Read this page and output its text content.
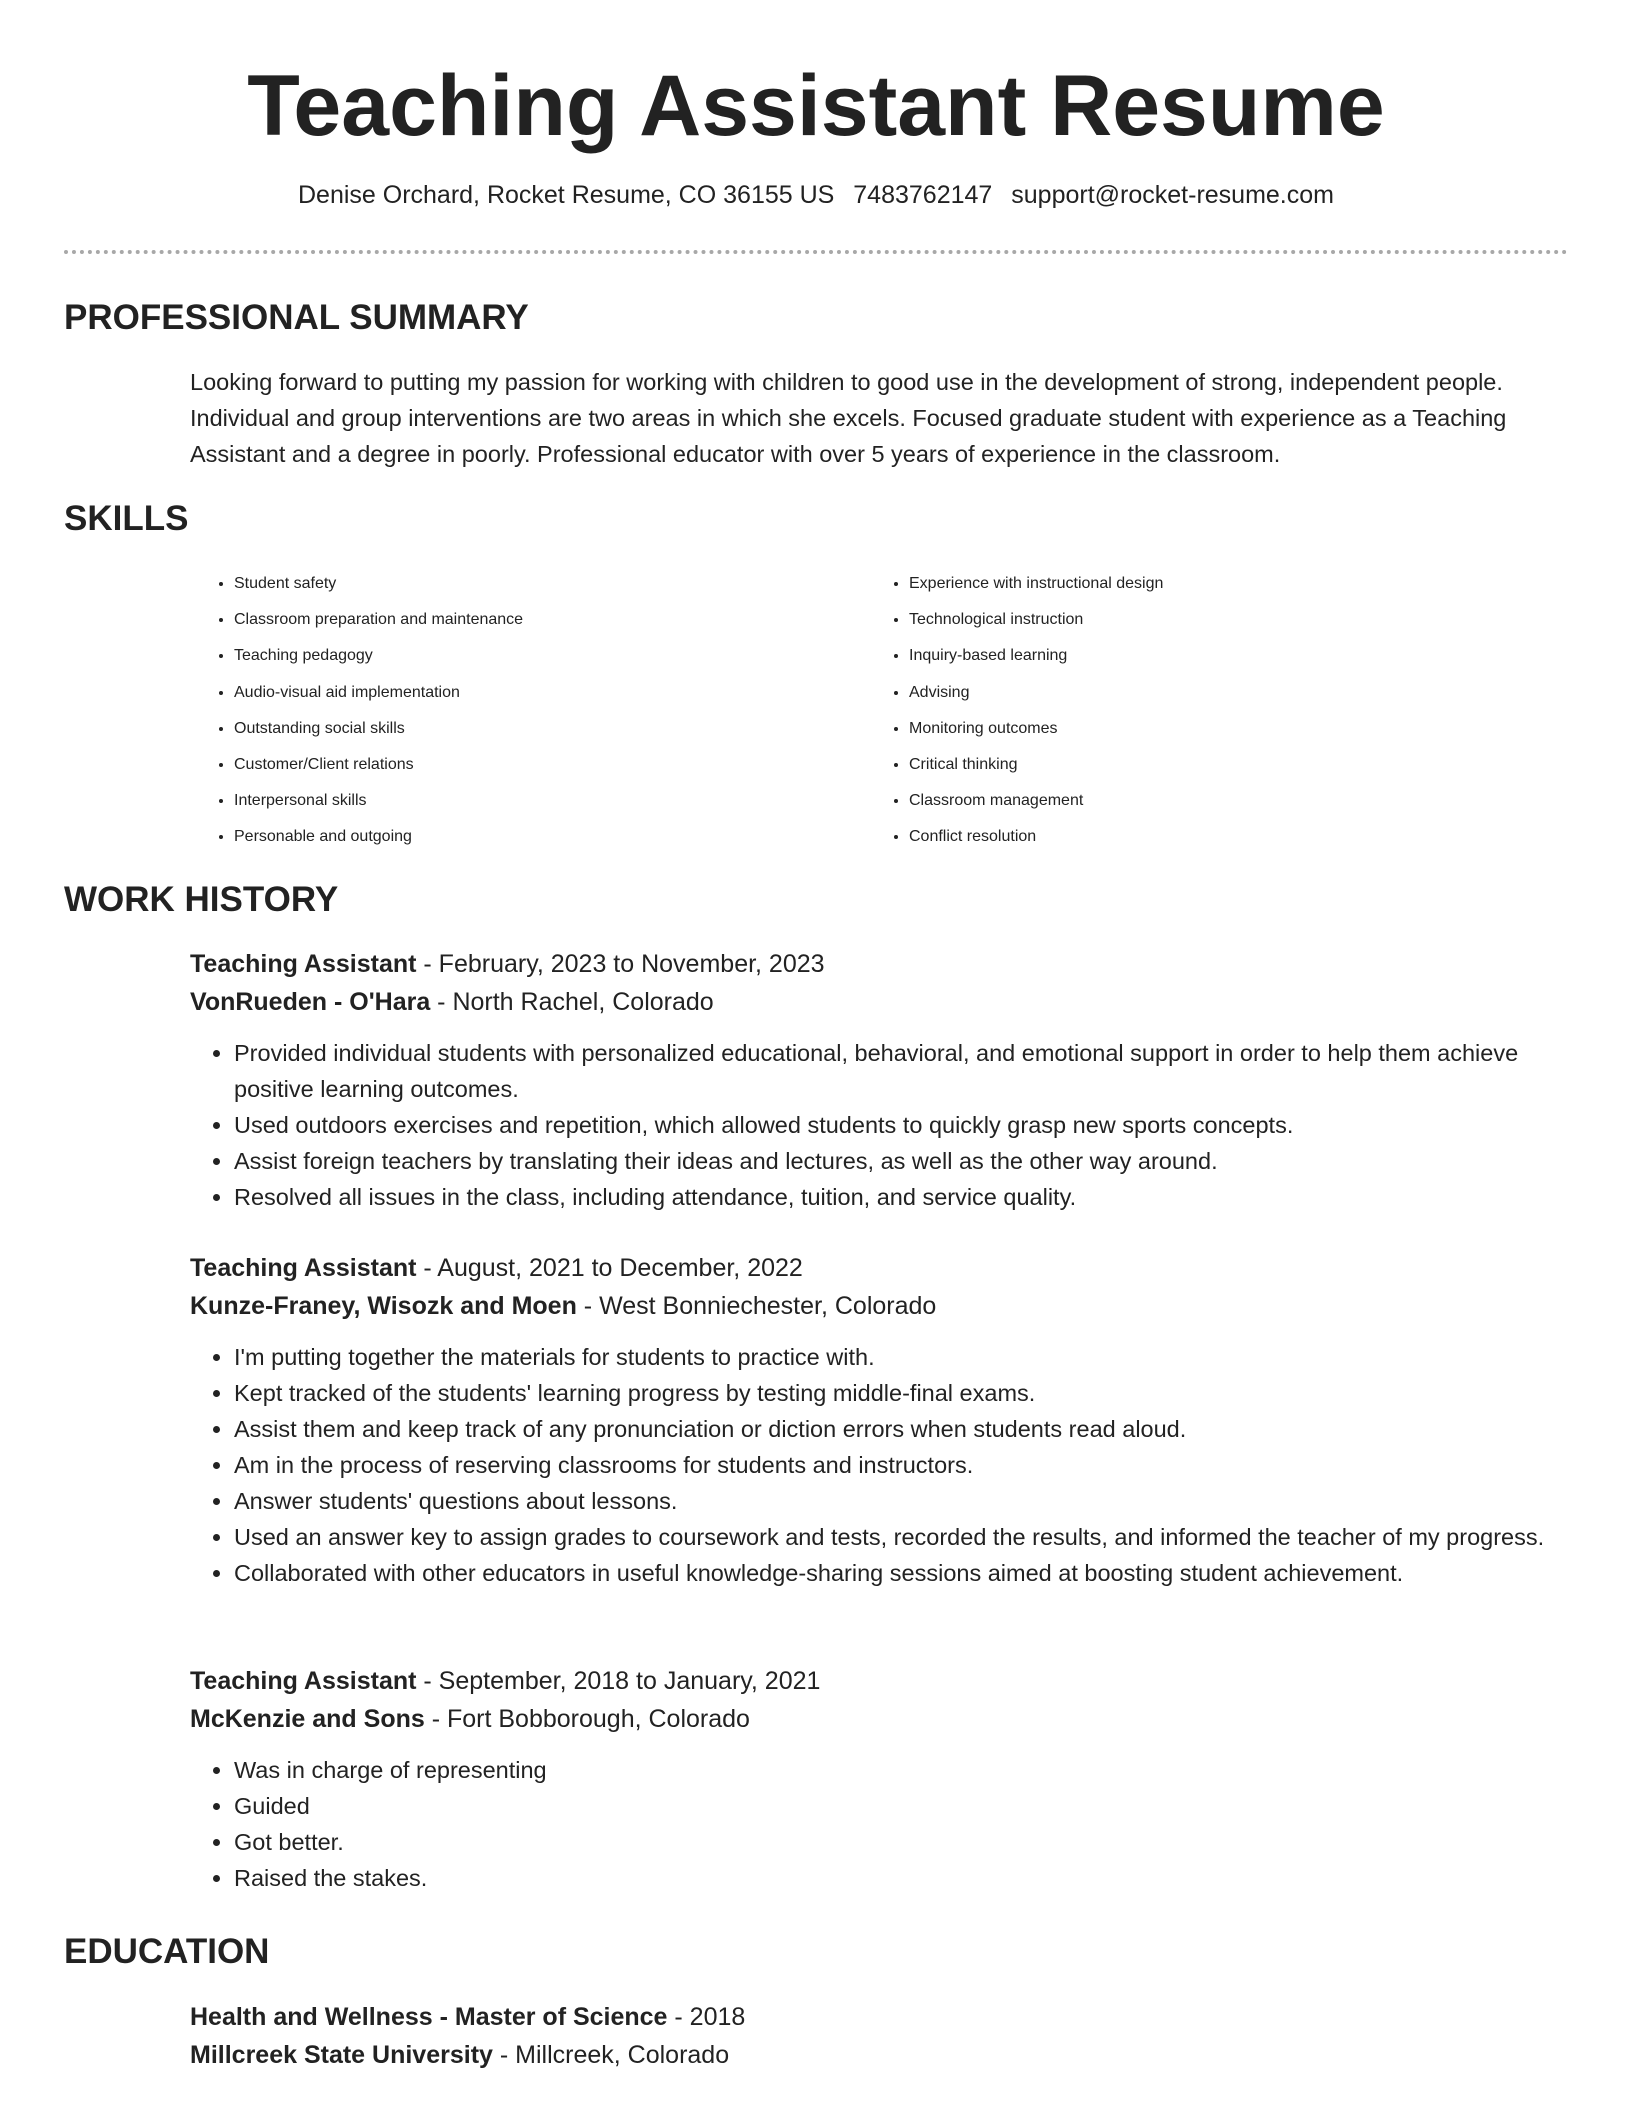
Teaching Assistant Resume
Denise Orchard, Rocket Resume, CO 36155 US 7483762147 support@rocket-resume.com
PROFESSIONAL SUMMARY

Looking forward to putting my passion for working with children to good use in the development of strong, independent people. Individual and group interventions are two areas in which she excels. Focused graduate student with experience as a Teaching Assistant and a degree in poorly. Professional educator with over 5 years of experience in the classroom.

SKILLS
• Student safety
• Classroom preparation and maintenance
• Teaching pedagogy
• Audio-visual aid implementation
• Outstanding social skills
• Customer/Client relations
• Interpersonal skills
• Personable and outgoing
• Experience with instructional design
• Technological instruction
• Inquiry-based learning
• Advising
• Monitoring outcomes
• Critical thinking
• Classroom management
• Conflict resolution
WORK HISTORY
Teaching Assistant - February, 2023 to November, 2023
VonRueden - O'Hara - North Rachel, Colorado
• Provided individual students with personalized educational, behavioral, and emotional support in order to help them achieve positive learning outcomes.
• Used outdoors exercises and repetition, which allowed students to quickly grasp new sports concepts.
• Assist foreign teachers by translating their ideas and lectures, as well as the other way around.
• Resolved all issues in the class, including attendance, tuition, and service quality.
Teaching Assistant - August, 2021 to December, 2022
Kunze-Franey, Wisozk and Moen - West Bonniechester, Colorado
• I'm putting together the materials for students to practice with.
• Kept tracked of the students' learning progress by testing middle-final exams.
• Assist them and keep track of any pronunciation or diction errors when students read aloud.
• Am in the process of reserving classrooms for students and instructors.
• Answer students' questions about lessons.
• Used an answer key to assign grades to coursework and tests, recorded the results, and informed the teacher of my progress.
• Collaborated with other educators in useful knowledge-sharing sessions aimed at boosting student achievement.
Teaching Assistant - September, 2018 to January, 2021
McKenzie and Sons - Fort Bobborough, Colorado
• Was in charge of representing
• Guided
• Got better.
• Raised the stakes.
EDUCATION
Health and Wellness - Master of Science - 2018
Millcreek State University - Millcreek, Colorado
